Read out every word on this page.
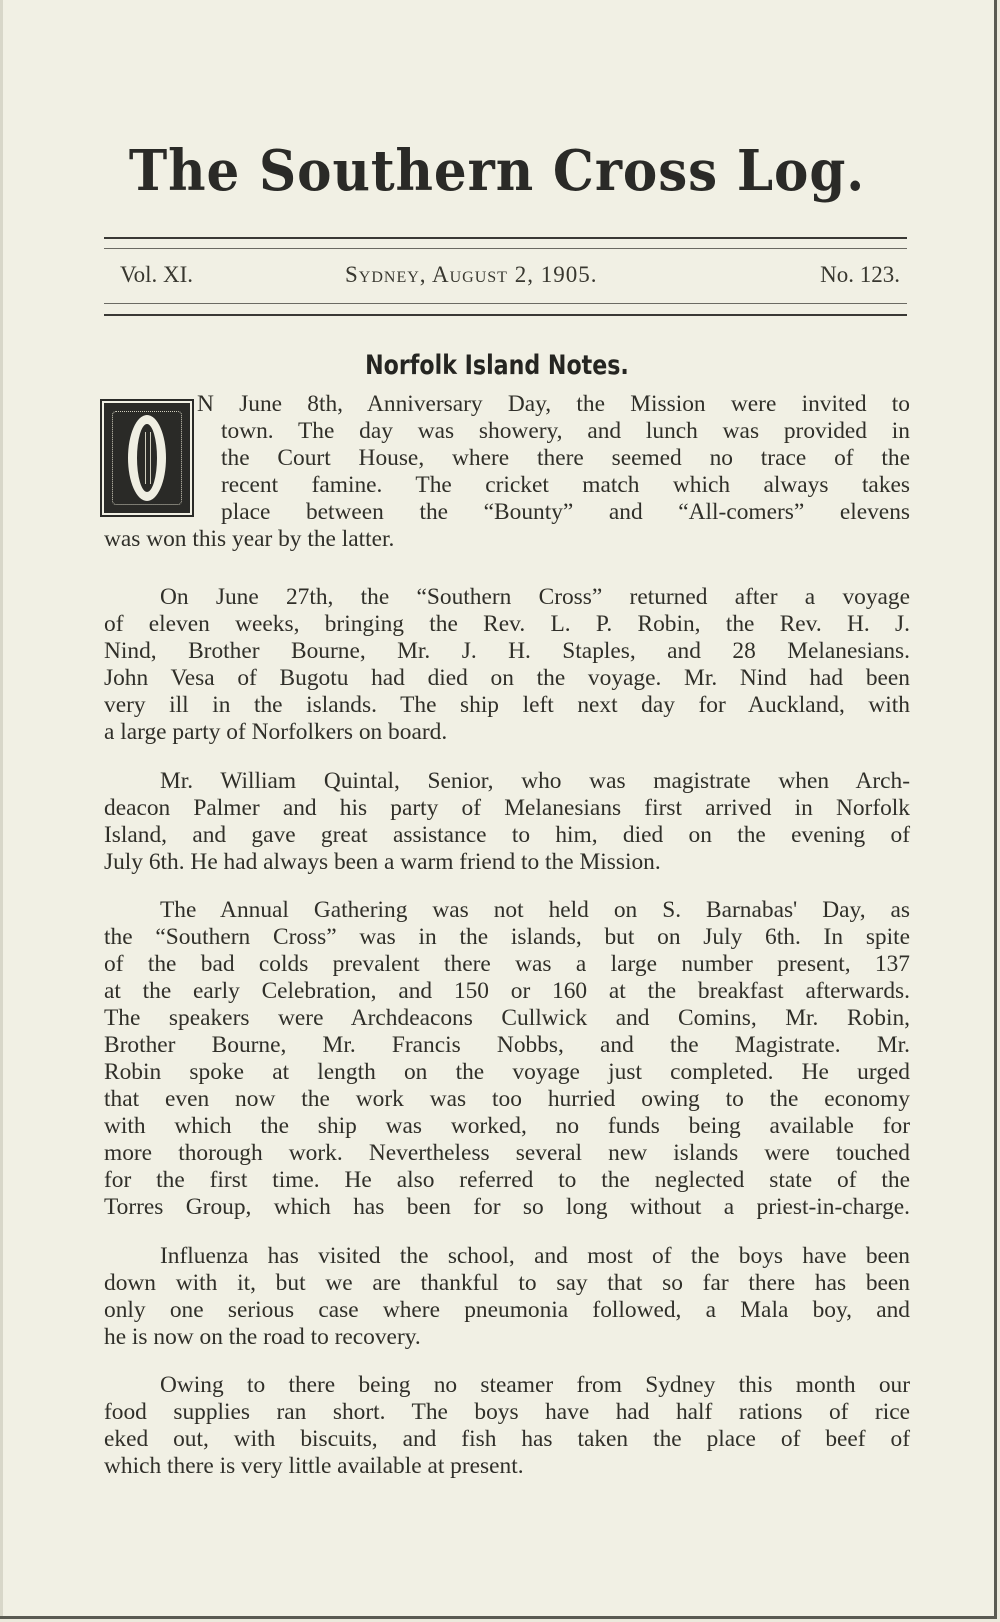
The Southern Cross Log.
Vol. XI.	Sydney, August 2, 1905.	No. 123.
Norfolk Island Notes.
N June 8th, Anniversary Day, the Mission were invited to
town. The day was showery, and lunch was provided in
the Court House, where there seemed no trace of the
recent famine. The cricket match which always takes
place between the “Bounty” and “All-comers” elevens
was won this year by the latter.
On June 27th, the “Southern Cross” returned after a voyage
of eleven weeks, bringing the Rev. L. P. Robin, the Rev. H. J.
Nind, Brother Bourne, Mr. J. H. Staples, and 28 Melanesians.
John Vesa of Bugotu had died on the voyage. Mr. Nind had been
very ill in the islands. The ship left next day for Auckland, with
a large party of Norfolkers on board.
Mr. William Quintal, Senior, who was magistrate when Arch-
deacon Palmer and his party of Melanesians first arrived in Norfolk
Island, and gave great assistance to him, died on the evening of
July 6th. He had always been a warm friend to the Mission.
The Annual Gathering was not held on S. Barnabas' Day, as
the “Southern Cross” was in the islands, but on July 6th. In spite
of the bad colds prevalent there was a large number present, 137
at the early Celebration, and 150 or 160 at the breakfast afterwards.
The speakers were Archdeacons Cullwick and Comins, Mr. Robin,
Brother Bourne, Mr. Francis Nobbs, and the Magistrate. Mr.
Robin spoke at length on the voyage just completed. He urged
that even now the work was too hurried owing to the economy
with which the ship was worked, no funds being available for
more thorough work. Nevertheless several new islands were touched
for the first time. He also referred to the neglected state of the
Torres Group, which has been for so long without a priest-in-charge.
Influenza has visited the school, and most of the boys have been
down with it, but we are thankful to say that so far there has been
only one serious case where pneumonia followed, a Mala boy, and
he is now on the road to recovery.
Owing to there being no steamer from Sydney this month our
food supplies ran short. The boys have had half rations of rice
eked out, with biscuits, and fish has taken the place of beef of
which there is very little available at present.
